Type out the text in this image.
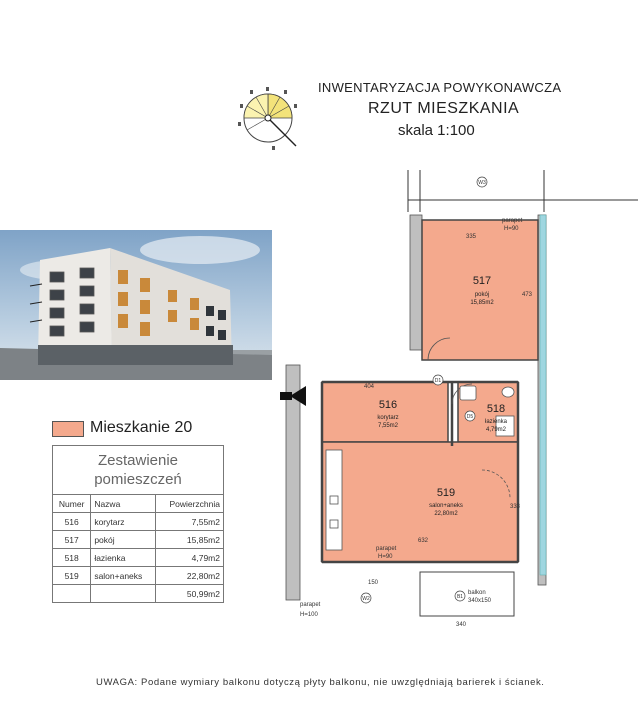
INWENTARYZACJA POWYKONAWCZA
RZUT MIESZKANIA
skala 1:100
Mieszkanie 20
Zestawienie pomieszczeń		
Numer	Nazwa	Powierzchnia
516	korytarz	7,55m2
517	pokój	15,85m2
518	łazienka	4,79m2
519	salon+aneks	22,80m2
		50,99m2
517
pokój
15,85m2
516
korytarz
7,55m2
518
łazienka
4,79m2
519
salon+aneks
22,80m2
W3
parapet
H=90
335
473
404
632
333
parapet
H=90
parapet
H=100
W2	B1
balkon
340x150
150
340
D1
D5
UWAGA: Podane wymiary balkonu dotyczą płyty balkonu, nie uwzględniają barierek i ścianek.
